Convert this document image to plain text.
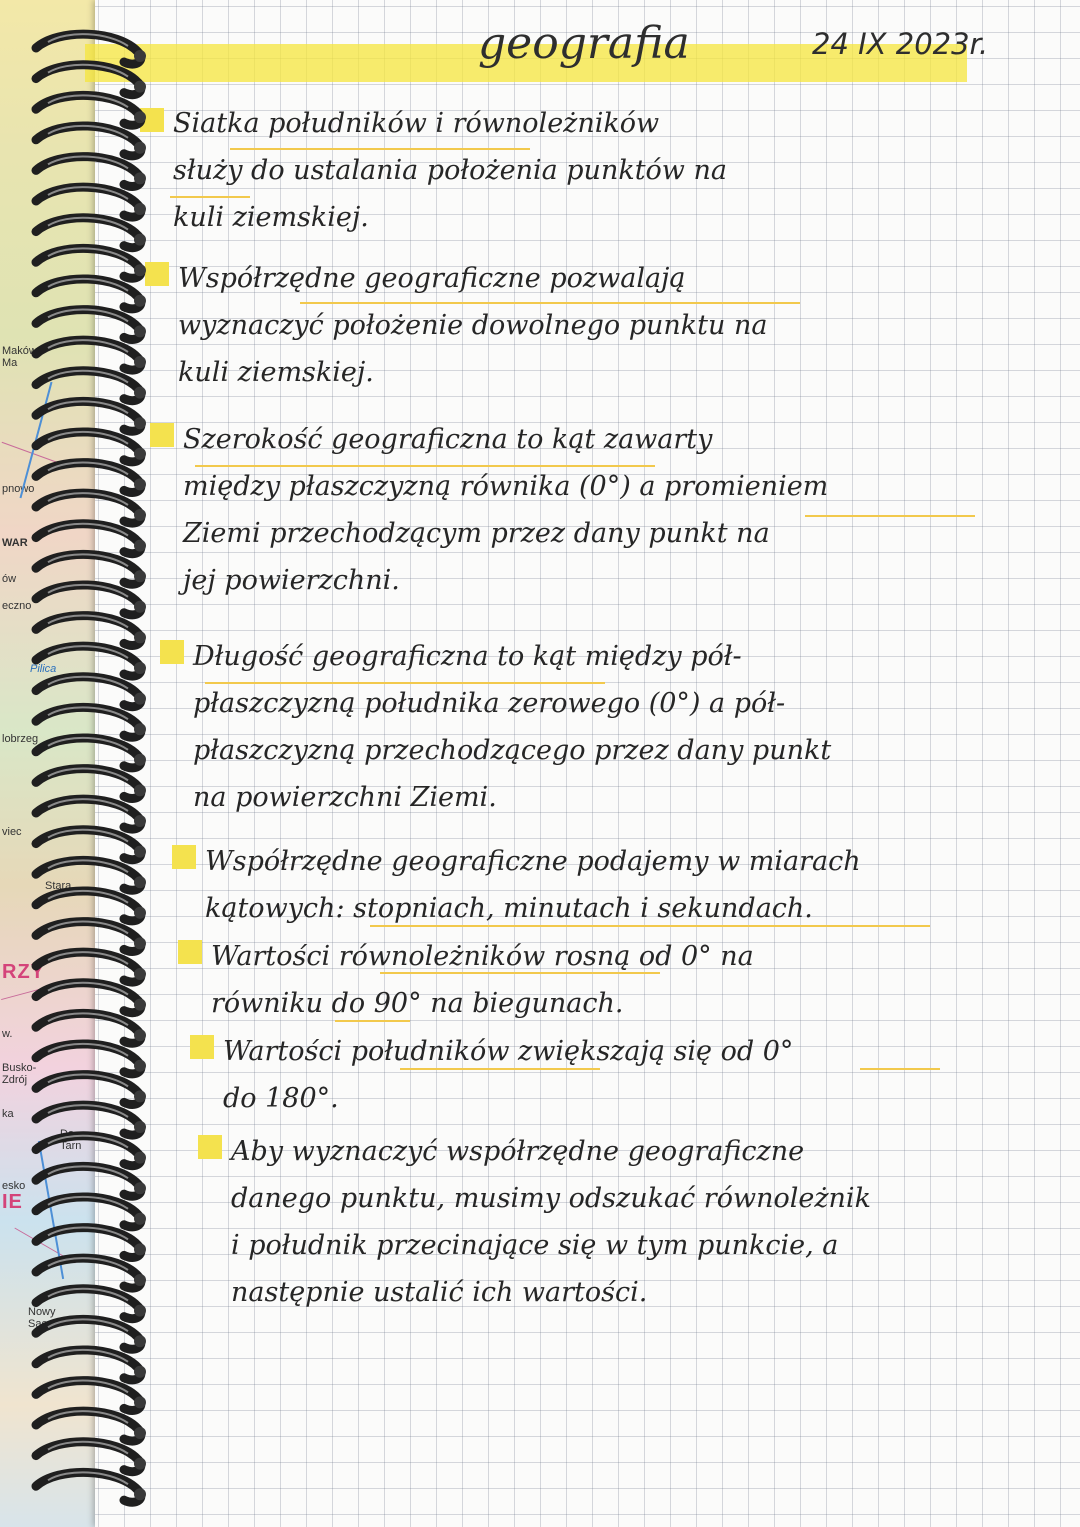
Maków
Ma
pnowo
WAR
ów
eczno
Pilica
lobrzeg
viec
Stara
RZY
w.
Busko-
Zdrój
ka
Dą
Tarn
esko
IE
Nowy
Sącz
geografia	24 IX 2023r.

Siatka południków i równoleżników
służy do ustalania położenia punktów na
kuli ziemskiej.

Współrzędne geograficzne pozwalają
wyznaczyć położenie dowolnego punktu na
kuli ziemskiej.

Szerokość geograficzna to kąt zawarty
między płaszczyzną równika (0°) a promieniem
Ziemi przechodzącym przez dany punkt na
jej powierzchni.

Długość geograficzna to kąt między pół-
płaszczyzną południka zerowego (0°) a pół-
płaszczyzną przechodzącego przez dany punkt
na powierzchni Ziemi.

Współrzędne geograficzne podajemy w miarach
kątowych: stopniach, minutach i sekundach.

Wartości równoleżników rosną od 0° na
równiku do 90° na biegunach.

Wartości południków zwiększają się od 0°
do 180°.

Aby wyznaczyć współrzędne geograficzne
danego punktu, musimy odszukać równoleżnik
i południk przecinające się w tym punkcie, a
następnie ustalić ich wartości.
